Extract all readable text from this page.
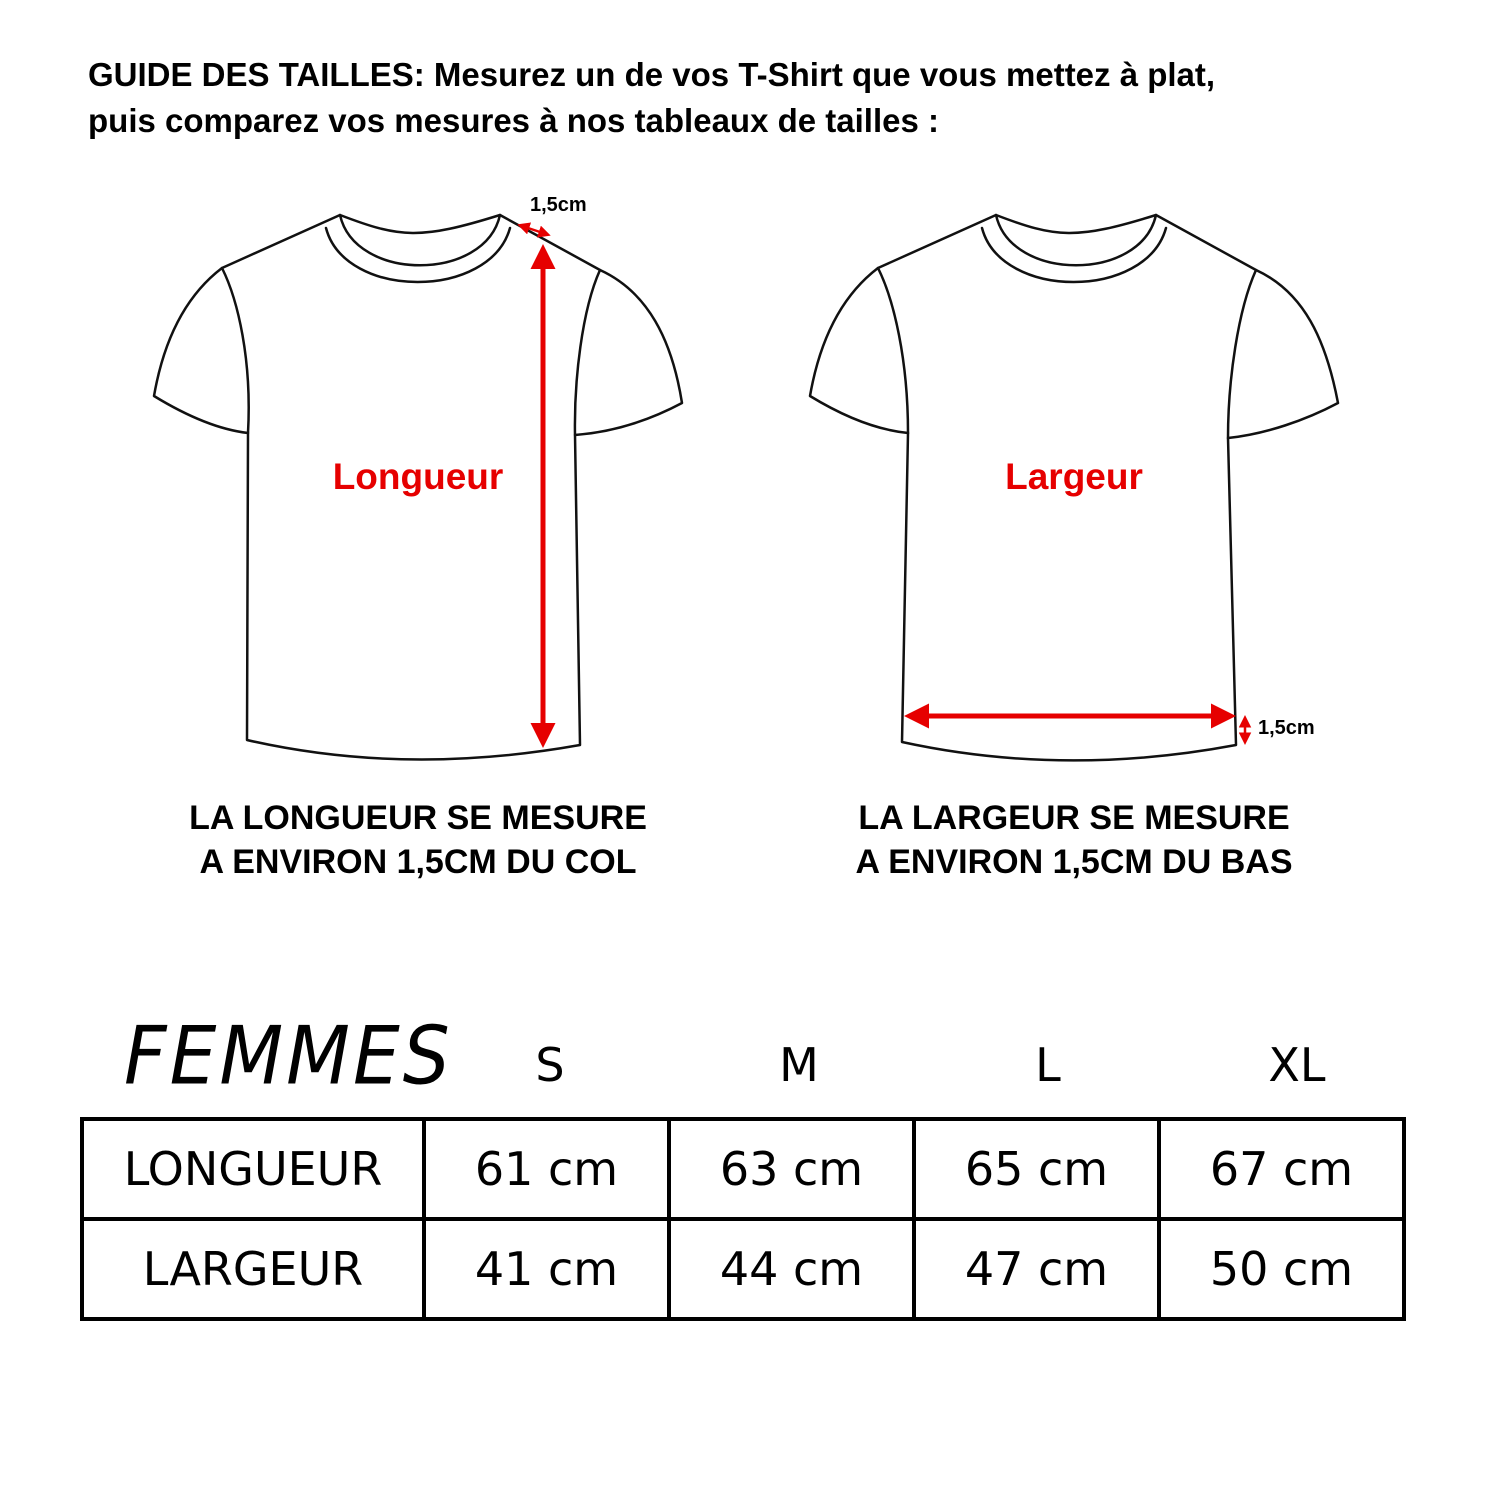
GUIDE DES TAILLES: Mesurez un de vos T-Shirt que vous mettez à plat,
puis comparez vos mesures à nos tableaux de tailles :
Longueur
1,5cm
Largeur
1,5cm
LA LONGUEUR SE MESURE
A ENVIRON 1,5CM DU COL
LA LARGEUR SE MESURE
A ENVIRON 1,5CM DU BAS
FEMMES	S	M	L	XL
LONGUEUR	61 cm	63 cm	65 cm	67 cm
LARGEUR	41 cm	44 cm	47 cm	50 cm
